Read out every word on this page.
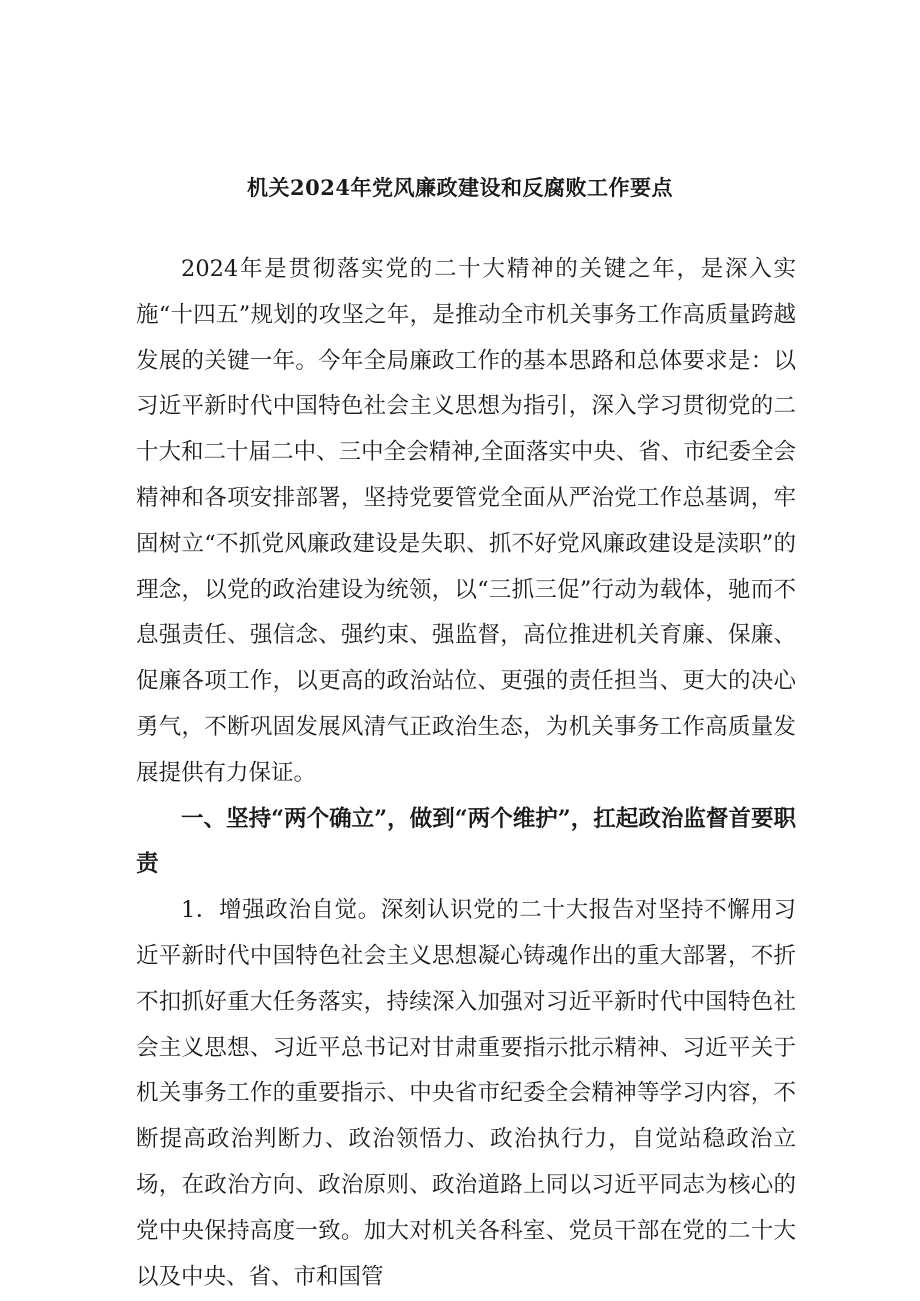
机关2024年党风廉政建设和反腐败工作要点

2024年是贯彻落实党的二十大精神的关键之年，是深入实施“十四五”规划的攻坚之年，是推动全市机关事务工作高质量跨越发展的关键一年。今年全局廉政工作的基本思路和总体要求是：以习近平新时代中国特色社会主义思想为指引，深入学习贯彻党的二十大和二十届二中、三中全会精神,全面落实中央、省、市纪委全会精神和各项安排部署，坚持党要管党全面从严治党工作总基调，牢固树立“不抓党风廉政建设是失职、抓不好党风廉政建设是渎职”的理念，以党的政治建设为统领，以“三抓三促”行动为载体，驰而不息强责任、强信念、强约束、强监督，高位推进机关育廉、保廉、促廉各项工作，以更高的政治站位、更强的责任担当、更大的决心勇气，不断巩固发展风清气正政治生态，为机关事务工作高质量发展提供有力保证。

一、坚持“两个确立”，做到“两个维护”，扛起政治监督首要职责

1．增强政治自觉。深刻认识党的二十大报告对坚持不懈用习近平新时代中国特色社会主义思想凝心铸魂作出的重大部署，不折不扣抓好重大任务落实，持续深入加强对习近平新时代中国特色社会主义思想、习近平总书记对甘肃重要指示批示精神、习近平关于机关事务工作的重要指示、中央省市纪委全会精神等学习内容，不断提高政治判断力、政治领悟力、政治执行力，自觉站稳政治立场，在政治方向、政治原则、政治道路上同以习近平同志为核心的党中央保持高度一致。加大对机关各科室、党员干部在党的二十大以及中央、省、市和国管
